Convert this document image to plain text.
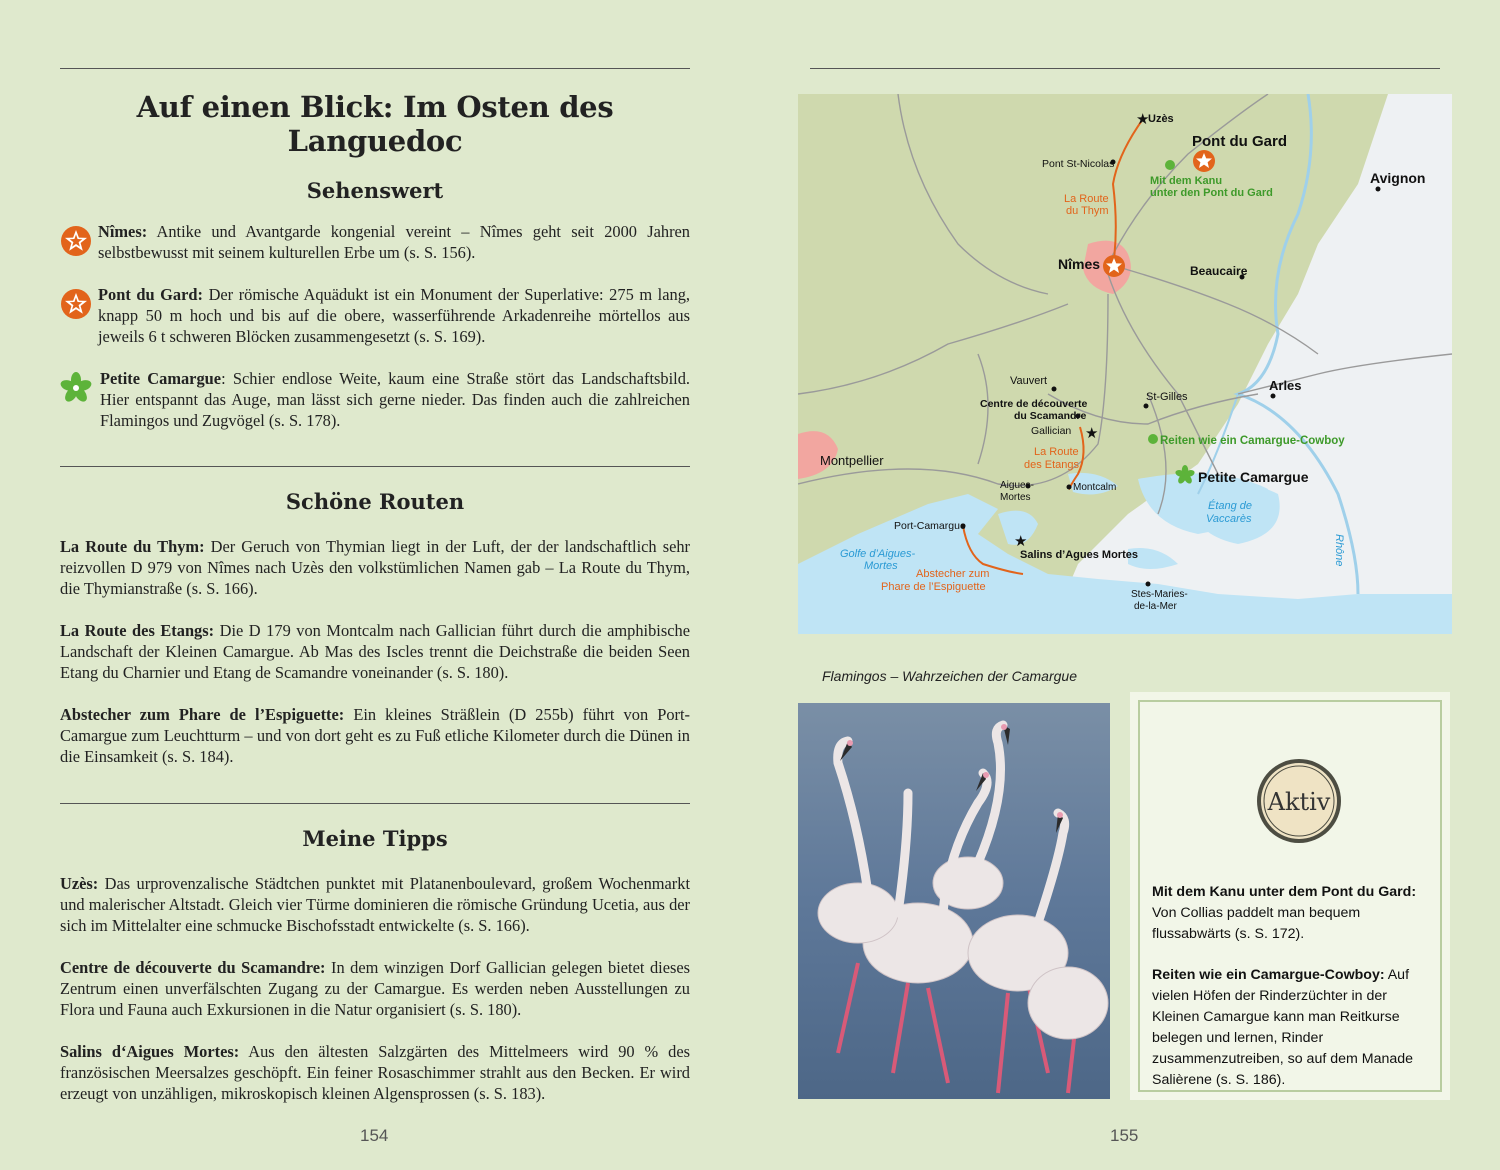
Auf einen Blick: Im Osten des Languedoc
Sehenswert
Nîmes: Antike und Avantgarde kongenial vereint – Nîmes geht seit 2000 Jahren selbstbewusst mit seinem kulturellen Erbe um (s. S. 156).
Pont du Gard: Der römische Aquädukt ist ein Monument der Superlative: 275 m lang, knapp 50 m hoch und bis auf die obere, wasserführende Arkadenreihe mörtellos aus jeweils 6 t schweren Blöcken zusammengesetzt (s. S. 169).
Petite Camargue: Schier endlose Weite, kaum eine Straße stört das Landschaftsbild. Hier entspannt das Auge, man lässt sich gerne nieder. Das finden auch die zahlreichen Flamingos und Zugvögel (s. S. 178).
Schöne Routen

La Route du Thym: Der Geruch von Thymian liegt in der Luft, der der landschaftlich sehr reizvollen D 979 von Nîmes nach Uzès den volkstümlichen Namen gab – La Route du Thym, die Thymianstraße (s. S. 166).

La Route des Etangs: Die D 179 von Montcalm nach Gallician führt durch die amphibische Landschaft der Kleinen Camargue. Ab Mas des Iscles trennt die Deichstraße die beiden Seen Etang du Charnier und Etang de Scamandre voneinander (s. S. 180).

Abstecher zum Phare de l’Espiguette: Ein kleines Sträßlein (D 255b) führt von Port-Camargue zum Leuchtturm – und von dort geht es zu Fuß etliche Kilometer durch die Dünen in die Einsamkeit (s. S. 184).

Meine Tipps

Uzès: Das urprovenzalische Städtchen punktet mit Platanenboulevard, großem Wochenmarkt und malerischer Altstadt. Gleich vier Türme dominieren die römische Gründung Ucetia, aus der sich im Mittelalter eine schmucke Bischofsstadt entwickelte (s. S. 166).

Centre de découverte du Scamandre: In dem winzigen Dorf Gallician gelegen bietet dieses Zentrum einen unverfälschten Zugang zu der Camargue. Es werden neben Ausstellungen zu Flora und Fauna auch Exkursionen in die Natur organisiert (s. S. 180).

Salins d‘Aigues Mortes: Aus den ältesten Salzgärten des Mittelmeers wird 90 % des französischen Meersalzes geschöpft. Ein feiner Rosaschimmer strahlt aus den Becken. Er wird erzeugt von unzähligen, mikroskopisch kleinen Algensprossen (s. S. 183).

154
★
★
★
Uzès
Pont du Gard
Pont St-Nicolas
Mit dem Kanu
unter den Pont du Gard
La Route
du Thym
Avignon
Nîmes	Beaucaire
Vauvert
Centre de découverte
du Scamandre
St-Gilles
Arles
Gallician
La Route
des Etangs
Reiten wie ein Camargue-Cowboy
Montpellier
Petite Camargue
Aigues-
Mortes
Montcalm
Étang de
Vaccarès
Port-Camargue
Salins d’Agues Mortes
Golfe d’Aigues-
Mortes
Abstecher zum
Phare de l’Espiguette
Stes-Maries-
de-la-Mer
Rhône
Flamingos – Wahrzeichen der Camargue
Aktiv

Mit dem Kanu unter dem Pont du Gard: Von Collias paddelt man bequem flussabwärts (s. S. 172).

Reiten wie ein Camargue-Cowboy: Auf vielen Höfen der Rinderzüchter in der Kleinen Camargue kann man Reitkurse belegen und lernen, Rinder zusammenzutreiben, so auf dem Manade Salièrene (s. S. 186).

155
